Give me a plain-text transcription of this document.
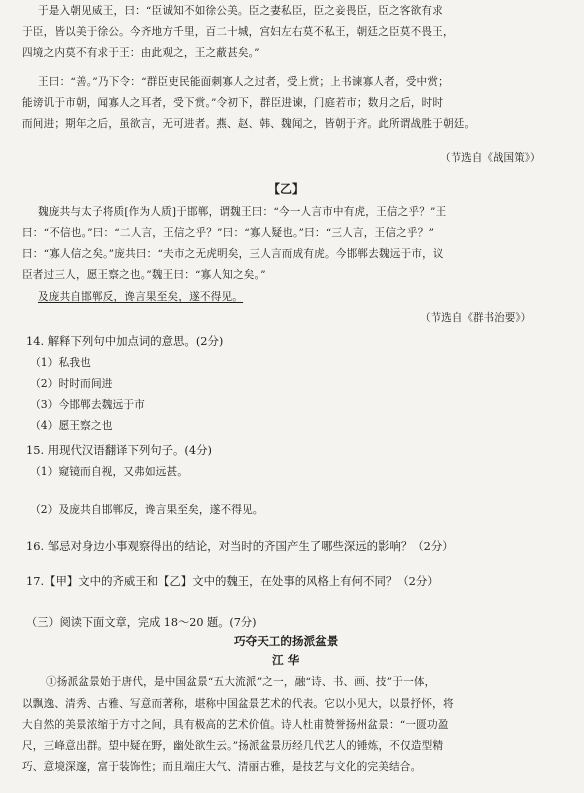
于是入朝见威王，曰：“臣诚知不如徐公美。臣之妻私臣，臣之妾畏臣，臣之客欲有求
于臣，皆以美于徐公。今齐地方千里，百二十城，宫妇左右莫不私王，朝廷之臣莫不畏王，
四境之内莫不有求于王：由此观之，王之蔽甚矣。”
王曰：“善。”乃下令：“群臣吏民能面刺寡人之过者，受上赏；上书谏寡人者，受中赏；
能谤讥于市朝，闻寡人之耳者，受下赏。”令初下，群臣进谏，门庭若市；数月之后，时时
而间进；期年之后，虽欲言，无可进者。燕、赵、韩、魏闻之，皆朝于齐。此所谓战胜于朝廷。
（节选自《战国策》）
【乙】
魏庞共与太子将质[作为人质]于邯郸，谓魏王曰：“今一人言市中有虎，王信之乎？”王
曰：“不信也。”曰：“二人言，王信之乎？”曰：“寡人疑也。”曰：“三人言，王信之乎？”
曰：“寡人信之矣。”庞共曰：“夫市之无虎明矣，三人言而成有虎。今邯郸去魏远于市，议
臣者过三人，愿王察之也。”魏王曰：“寡人知之矣。”
及庞共自邯郸反，谗言果至矣，遂不得见。
（节选自《群书治要》）
14. 解释下列句中加点词的意思。(2分)
（1）私我也
（2）时时而间进
（3）今邯郸去魏远于市
（4）愿王察之也
15. 用现代汉语翻译下列句子。(4分)
（1）窥镜而自视，又弗如远甚。
（2）及庞共自邯郸反，谗言果至矣，遂不得见。
16. 邹忌对身边小事观察得出的结论，对当时的齐国产生了哪些深远的影响？（2分）
17.【甲】文中的齐威王和【乙】文中的魏王，在处事的风格上有何不同？（2分）
（三）阅读下面文章，完成 18～20 题。(7分)
巧夺天工的扬派盆景
江 华
①扬派盆景始于唐代，是中国盆景“五大流派”之一，融“诗、书、画、技”于一体，
以飘逸、清秀、古雅、写意而著称，堪称中国盆景艺术的代表。它以小见大，以景抒怀，将
大自然的美景浓缩于方寸之间，具有极高的艺术价值。诗人杜甫赞誉扬州盆景：“一匮功盈
尺，三峰意出群。望中疑在野，幽处欲生云。”扬派盆景历经几代艺人的锤炼，不仅造型精
巧、意境深邃，富于装饰性；而且端庄大气、清丽古雅，是技艺与文化的完美结合。
